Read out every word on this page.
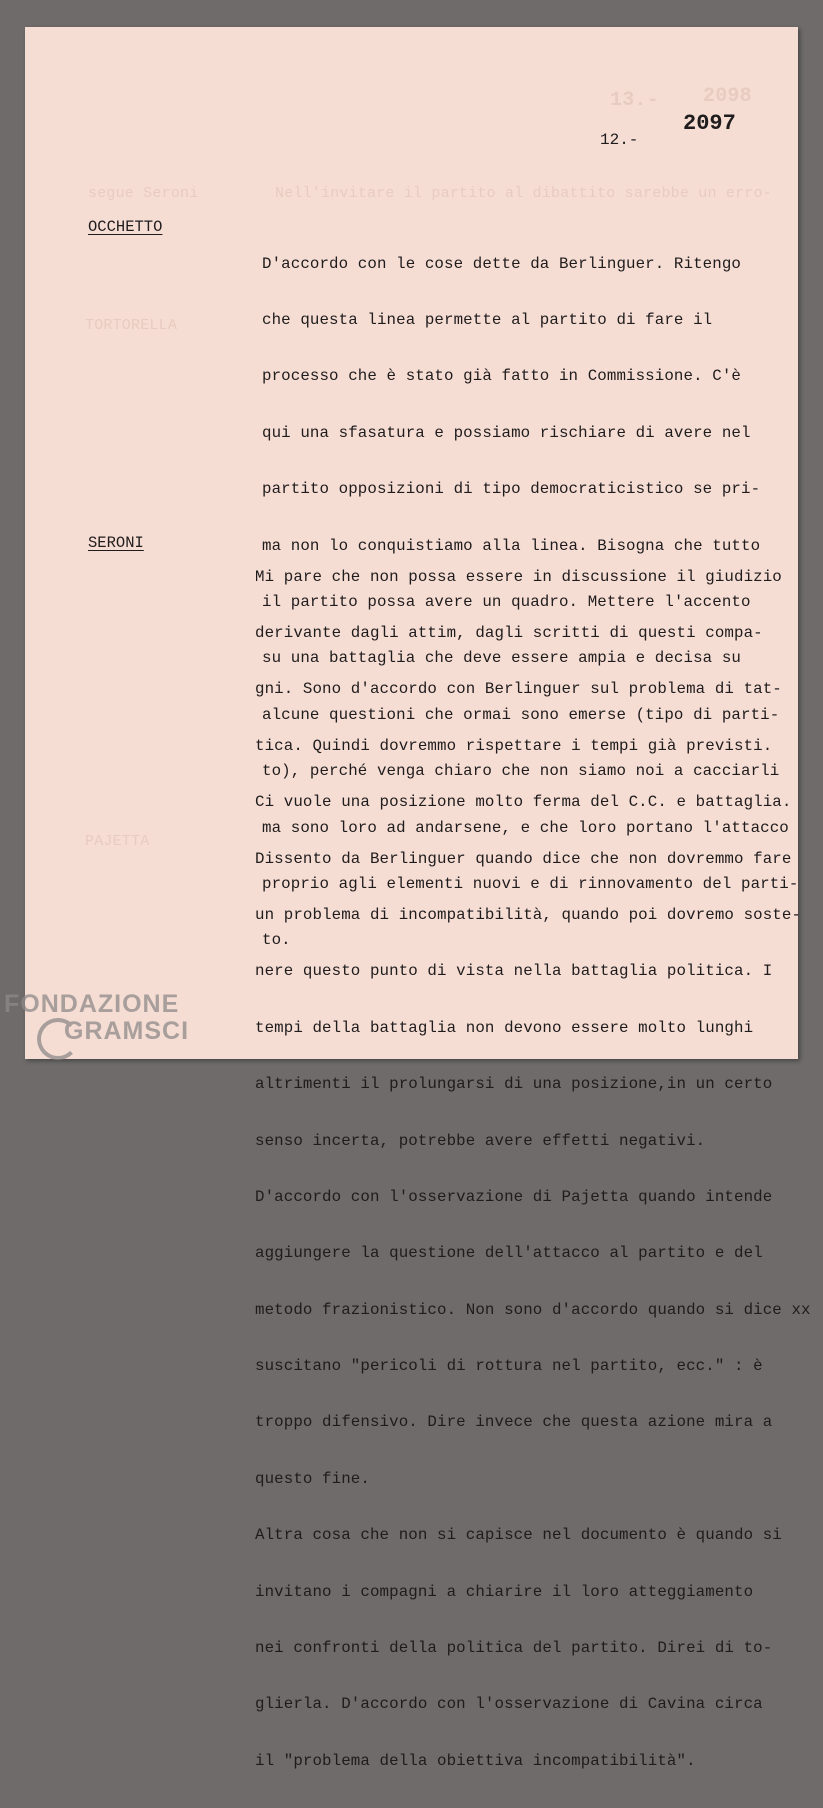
13.- 2098
segue Seroni	Nell'invitare il partito al dibattito sarebbe un erro-
TORTORELLA
PAJETTA
12.-
2097
OCCHETTO

D'accordo con le cose dette da Berlinguer. Ritengo

che questa linea permette al partito di fare il

processo che è stato già fatto in Commissione. C'è

qui una sfasatura e possiamo rischiare di avere nel

partito opposizioni di tipo democraticistico se pri-

ma non lo conquistiamo alla linea. Bisogna che tutto

il partito possa avere un quadro. Mettere l'accento

su una battaglia che deve essere ampia e decisa su

alcune questioni che ormai sono emerse (tipo di parti-

to), perché venga chiaro che non siamo noi a cacciarli

ma sono loro ad andarsene, e che loro portano l'attacco

proprio agli elementi nuovi e di rinnovamento del parti-

to.

SERONI

Mi pare che non possa essere in discussione il giudizio

derivante dagli attim, dagli scritti di questi compa-

gni. Sono d'accordo con Berlinguer sul problema di tat-

tica. Quindi dovremmo rispettare i tempi già previsti.

Ci vuole una posizione molto ferma del C.C. e battaglia.

Dissento da Berlinguer quando dice che non dovremmo fare

un problema di incompatibilità, quando poi dovremo soste-

nere questo punto di vista nella battaglia politica. I

tempi della battaglia non devono essere molto lunghi

altrimenti il prolungarsi di una posizione,in un certo

senso incerta, potrebbe avere effetti negativi.

D'accordo con l'osservazione di Pajetta quando intende

aggiungere la questione dell'attacco al partito e del

metodo frazionistico. Non sono d'accordo quando si dice xx

suscitano "pericoli di rottura nel partito, ecc." : è

troppo difensivo. Dire invece che questa azione mira a

questo fine.

Altra cosa che non si capisce nel documento è quando si

invitano i compagni a chiarire il loro atteggiamento

nei confronti della politica del partito. Direi di to-

glierla. D'accordo con l'osservazione di Cavina circa

il "problema della obiettiva incompatibilità".

FONDAZIONE
GRAMSCI
